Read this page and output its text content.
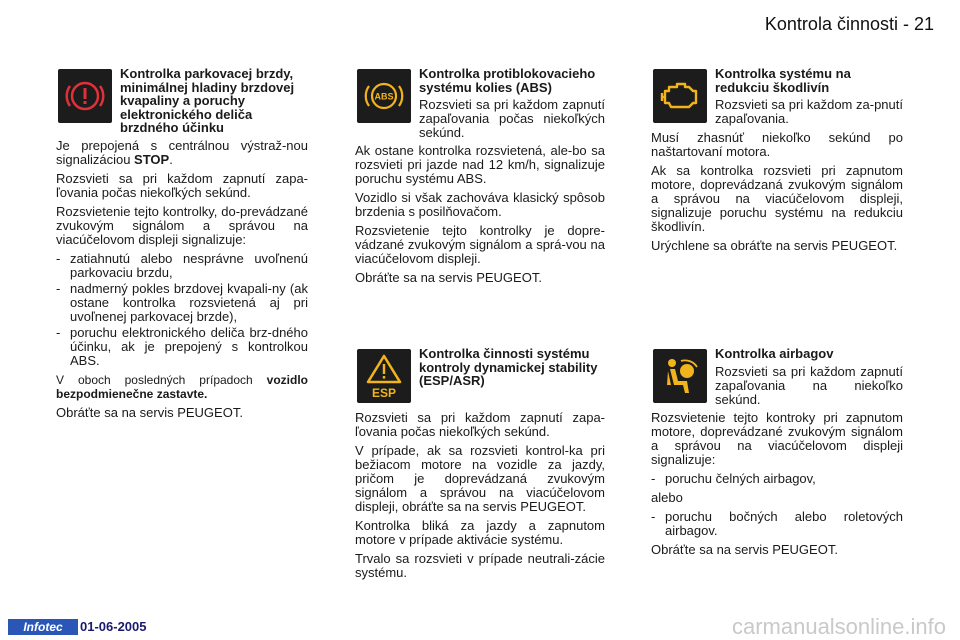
Kontrola činnosti - 21
Kontrolka parkovacej brzdy, minimálnej hladiny brzdovej kvapaliny a poruchy elektronického deliča brzdného účinku

Je prepojená s centrálnou výstraž-nou signalizáciou STOP.

Rozsvieti sa pri každom zapnutí zapa-ľovania počas niekoľkých sekúnd.

Rozsvietenie tejto kontrolky, do-prevádzané zvukovým signálom a správou na viacúčelovom displeji signalizuje:

- zatiahnutú alebo nesprávne uvoľnenú parkovaciu brzdu,
- nadmerný pokles brzdovej kvapali-ny (ak ostane kontrolka rozsvietená aj pri uvoľnenej parkovacej brzde),
- poruchu elektronického deliča brz-dného účinku, ak je prepojený s kontrolkou ABS.

V oboch posledných prípadoch vozidlo bezpodmienečne zastavte.

Obráťte sa na servis PEUGEOT.

ABS
Kontrolka protiblokovacieho systému kolies (ABS)

Rozsvieti sa pri každom zapnutí zapaľovania počas niekoľkých sekúnd.

Ak ostane kontrolka rozsvietená, ale-bo sa rozsvieti pri jazde nad 12 km/h, signalizuje poruchu systému ABS.

Vozidlo si však zachováva klasický spôsob brzdenia s posilňovačom.

Rozsvietenie tejto kontrolky je dopre-vádzané zvukovým signálom a sprá-vou na viacúčelovom displeji.

Obráťte sa na servis PEUGEOT.

ESP
Kontrolka činnosti systému kontroly dynamickej stability (ESP/ASR)

Rozsvieti sa pri každom zapnutí zapa-ľovania počas niekoľkých sekúnd.

V prípade, ak sa rozsvieti kontrol-ka pri bežiacom motore na vozidle za jazdy, pričom je doprevádzaná zvukovým signálom a správou na viacúčelovom displeji, obráťte sa na servis PEUGEOT.

Kontrolka bliká za jazdy a zapnutom motore v prípade aktivácie systému.

Trvalo sa rozsvieti v prípade neutrali-zácie systému.

Kontrolka systému na redukciu škodlivín

Rozsvieti sa pri každom za-pnutí zapaľovania.

Musí zhasnúť niekoľko sekúnd po naštartovaní motora.

Ak sa kontrolka rozsvieti pri zapnutom motore, doprevádzaná zvukovým signálom a správou na viacúčelovom displeji, signalizuje poruchu systému na redukciu škodlivín.

Urýchlene sa obráťte na servis PEUGEOT.

Kontrolka airbagov

Rozsvieti sa pri každom zapnutí zapaľovania na niekoľko sekúnd.

Rozsvietenie tejto kontroky pri zapnutom motore, doprevádzané zvukovým signálom a správou na viacúčelovom displeji signalizuje:

- poruchu čelných airbagov,

alebo

- poruchu bočných alebo roletových airbagov.

Obráťte sa na servis PEUGEOT.

Infotec	01-06-2005	carmanualsonline.info
